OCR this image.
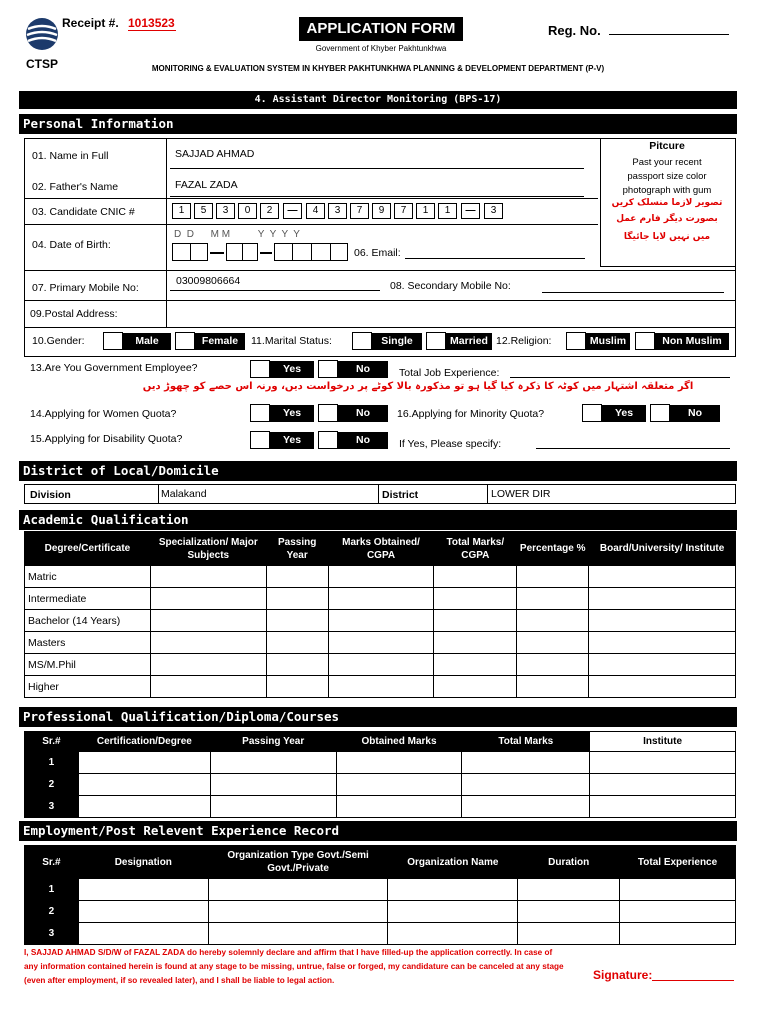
CTSP
Receipt #. 1013523	APPLICATION FORM
Government of Khyber Pakhtunkhwa
Reg. No.
MONITORING & EVALUATION SYSTEM IN KHYBER PAKHTUNKHWA PLANNING & DEVELOPMENT DEPARTMENT (P-V)
4. Assistant Director Monitoring (BPS-17)
Personal Information
01. Name in Full	SAJJAD AHMAD
02. Father's Name	FAZAL ZADA
03. Candidate CNIC #	1	5	3	0	2	—	4	3	7	9	7	1	1	—	3
04. Date of Birth:
D  D      M M          Y  Y  Y  Y
06. Email:
Pitcure
Past your recent
passport size color
photograph with gum
تصویر لازما منسلک کریں
بصورت دیگر فارم عمل
میں نہیں لایا جائیگا
07. Primary Mobile No:
03009806664	08. Secondary Mobile No:
09.Postal Address:
10.Gender:	Male	Female	11.Marital Status:	Single	Married 12.Religion:	Muslim	Non Muslim
13.Are You Government Employee?	Yes	No	Total Job Experience:
اگر متعلقہ اشتہار میں کوٹہ کا ذکرہ کیا گیا ہو تو مذکورہ بالا کوٹے پر درخواست دیں، ورنہ اس حصے کو چھوڑ دیں
14.Applying for Women Quota?	Yes	No	16.Applying for Minority Quota?	Yes	No
15.Applying for Disability Quota?	Yes	No	If Yes, Please specify:
District of Local/Domicile
Division	Malakand	District	LOWER DIR
Academic Qualification
Degree/Certificate	Specialization/ Major Subjects	Passing Year	Marks Obtained/ CGPA	Total Marks/ CGPA	Percentage %	Board/University/ Institute
Matric						
Intermediate						
Bachelor (14 Years)						
Masters						
MS/M.Phil						
Higher						
Professional Qualification/Diploma/Courses
Sr.#	Certification/Degree	Passing Year	Obtained Marks	Total Marks	Institute
1					
2					
3					
Employment/Post Relevent Experience Record
Sr.#	Designation	Organization Type Govt./Semi Govt./Private	Organization Name	Duration	Total Experience
1					
2					
3					
I, SAJJAD AHMAD S/D/W of FAZAL ZADA do hereby solemnly declare and affirm that I have filled-up the application correctly. In case of any information contained herein is found at any stage to be missing, untrue, false or forged, my candidature can be canceled at any stage (even after employment, if so revealed later), and I shall be liable to legal action.	Signature:
